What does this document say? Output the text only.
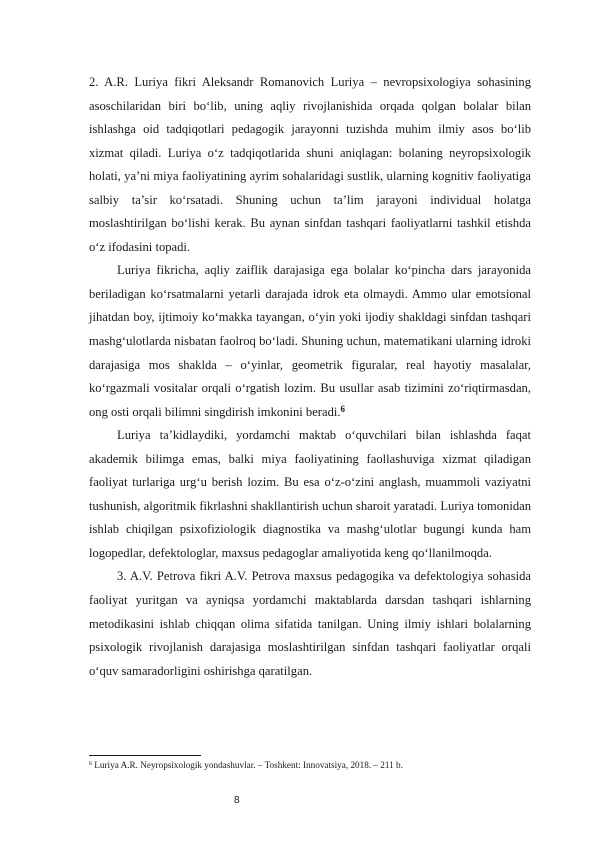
2. A.R. Luriya fikri Aleksandr Romanovich Luriya – nevropsixologiya sohasining asoschilaridan biri bo‘lib, uning aqliy rivojlanishida orqada qolgan bolalar bilan ishlashga oid tadqiqotlari pedagogik jarayonni tuzishda muhim ilmiy asos bo‘lib xizmat qiladi. Luriya o‘z tadqiqotlarida shuni aniqlagan: bolaning neyropsixologik holati, ya’ni miya faoliyatining ayrim sohalaridagi sustlik, ularning kognitiv faoliyatiga salbiy ta’sir ko‘rsatadi. Shuning uchun ta’lim jarayoni individual holatga moslashtirilgan bo‘lishi kerak. Bu aynan sinfdan tashqari faoliyatlarni tashkil etishda o‘z ifodasini topadi.

Luriya fikricha, aqliy zaiflik darajasiga ega bolalar ko‘pincha dars jarayonida beriladigan ko‘rsatmalarni yetarli darajada idrok eta olmaydi. Ammo ular emotsional jihatdan boy, ijtimoiy ko‘makka tayangan, o‘yin yoki ijodiy shakldagi sinfdan tashqari mashg‘ulotlarda nisbatan faolroq bo‘ladi. Shuning uchun, matematikani ularning idroki darajasiga mos shaklda – o‘yinlar, geometrik figuralar, real hayotiy masalalar, ko‘rgazmali vositalar orqali o‘rgatish lozim. Bu usullar asab tizimini zo‘riqtirmasdan, ong osti orqali bilimni singdirish imkonini beradi.$^6$

Luriya ta’kidlaydiki, yordamchi maktab o‘quvchilari bilan ishlashda faqat akademik bilimga emas, balki miya faoliyatining faollashuviga xizmat qiladigan faoliyat turlariga urg‘u berish lozim. Bu esa o‘z-o‘zini anglash, muammoli vaziyatni tushunish, algoritmik fikrlashni shakllantirish uchun sharoit yaratadi. Luriya tomonidan ishlab chiqilgan psixofiziologik diagnostika va mashg‘ulotlar bugungi kunda ham logopedlar, defektologlar, maxsus pedagoglar amaliyotida keng qo‘llanilmoqda.

3. A.V. Petrova fikri A.V. Petrova maxsus pedagogika va defektologiya sohasida faoliyat yuritgan va ayniqsa yordamchi maktablarda darsdan tashqari ishlarning metodikasini ishlab chiqqan olima sifatida tanilgan. Uning ilmiy ishlari bolalarning psixologik rivojlanish darajasiga moslashtirilgan sinfdan tashqari faoliyatlar orqali o‘quv samaradorligini oshirishga qaratilgan.

$^6$ Luriya A.R. Neyropsixologik yondashuvlar. – Toshkent: Innovatsiya, 2018. – 211 b.
8
